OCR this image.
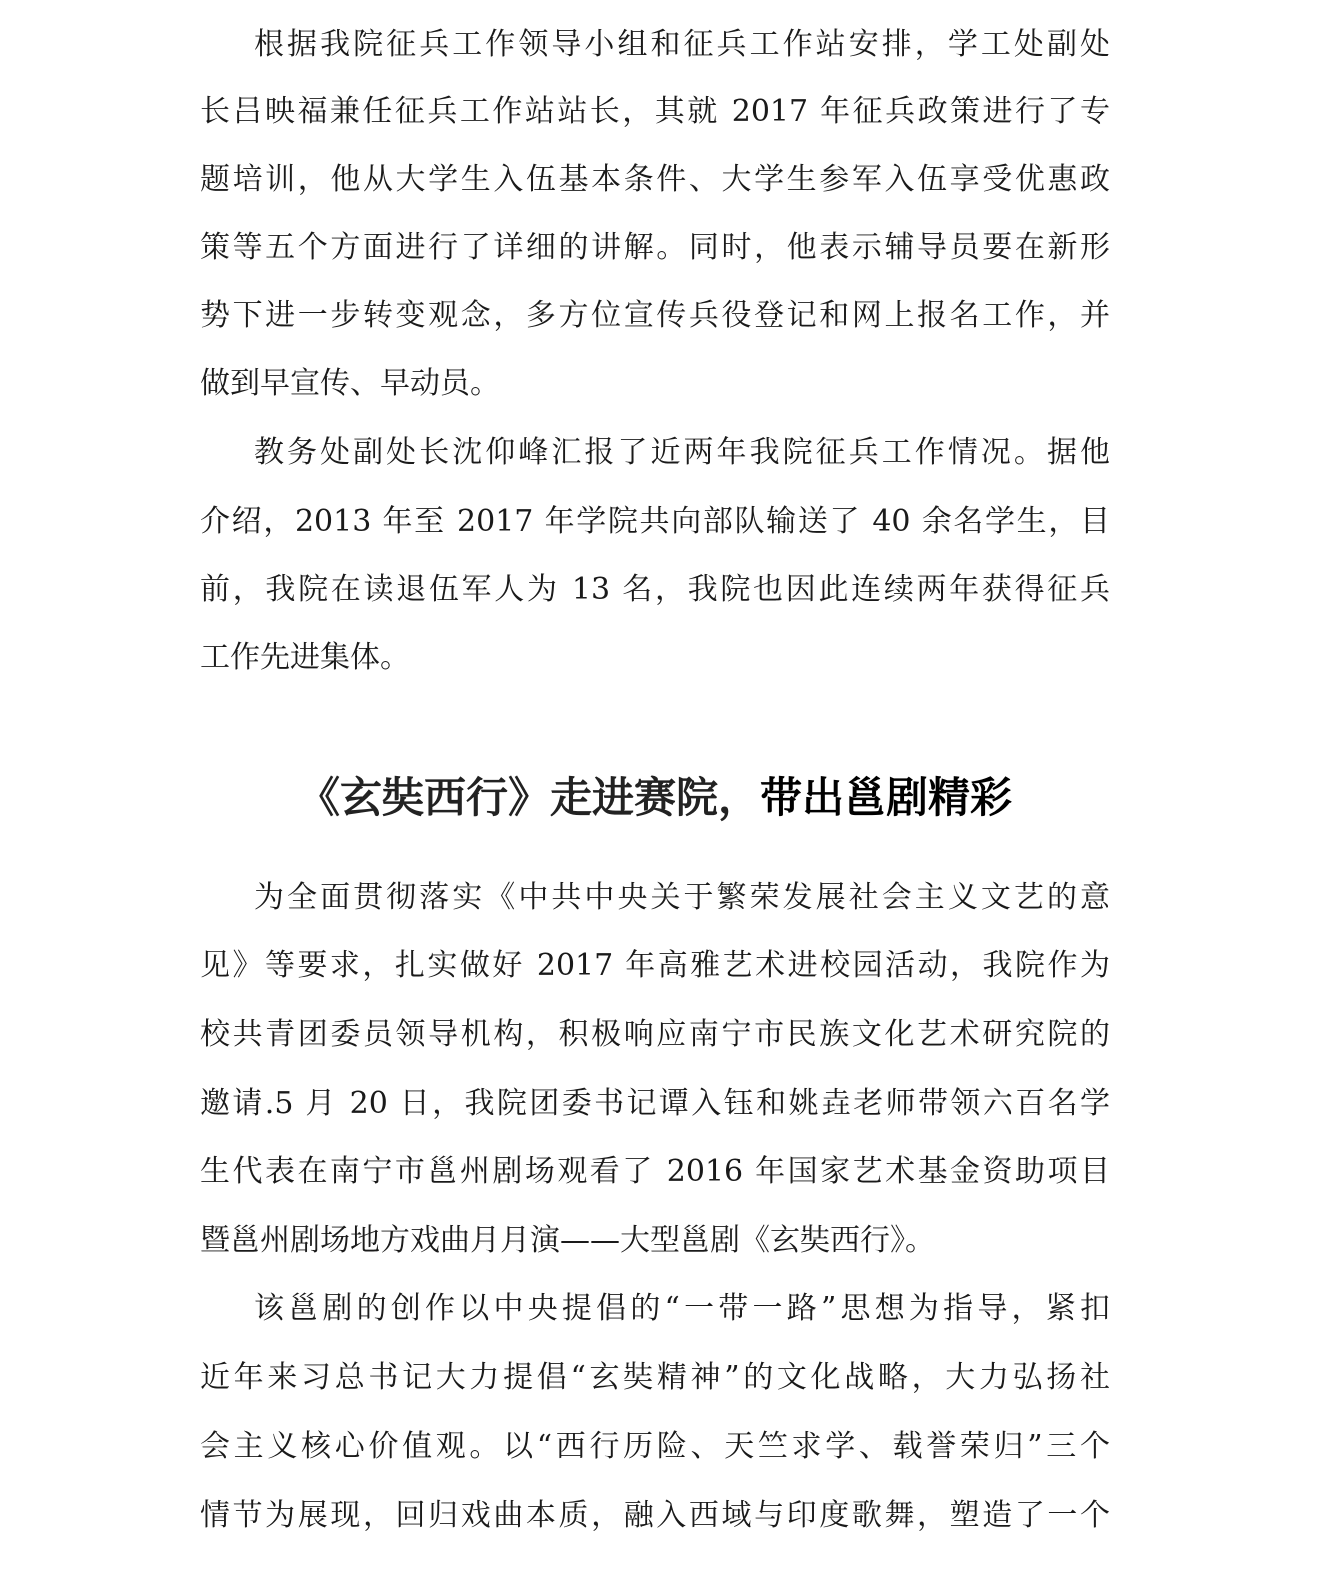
根据我院征兵工作领导小组和征兵工作站安排，学工处副处
长吕映福兼任征兵工作站站长，其就 2017 年征兵政策进行了专
题培训，他从大学生入伍基本条件、大学生参军入伍享受优惠政
策等五个方面进行了详细的讲解。同时，他表示辅导员要在新形
势下进一步转变观念，多方位宣传兵役登记和网上报名工作，并
做到早宣传、早动员。
教务处副处长沈仰峰汇报了近两年我院征兵工作情况。据他
介绍，2013 年至 2017 年学院共向部队输送了 40 余名学生，目
前，我院在读退伍军人为 13 名，我院也因此连续两年获得征兵
工作先进集体。
《玄奘西行》走进赛院，带出邕剧精彩
为全面贯彻落实《中共中央关于繁荣发展社会主义文艺的意
见》等要求，扎实做好 2017 年高雅艺术进校园活动，我院作为
校共青团委员领导机构，积极响应南宁市民族文化艺术研究院的
邀请.5 月 20 日，我院团委书记谭入钰和姚垚老师带领六百名学
生代表在南宁市邕州剧场观看了 2016 年国家艺术基金资助项目
暨邕州剧场地方戏曲月月演——大型邕剧《玄奘西行》。
该邕剧的创作以中央提倡的“一带一路”思想为指导，紧扣
近年来习总书记大力提倡“玄奘精神”的文化战略，大力弘扬社
会主义核心价值观。以“西行历险、天竺求学、载誉荣归”三个
情节为展现，回归戏曲本质，融入西域与印度歌舞，塑造了一个
